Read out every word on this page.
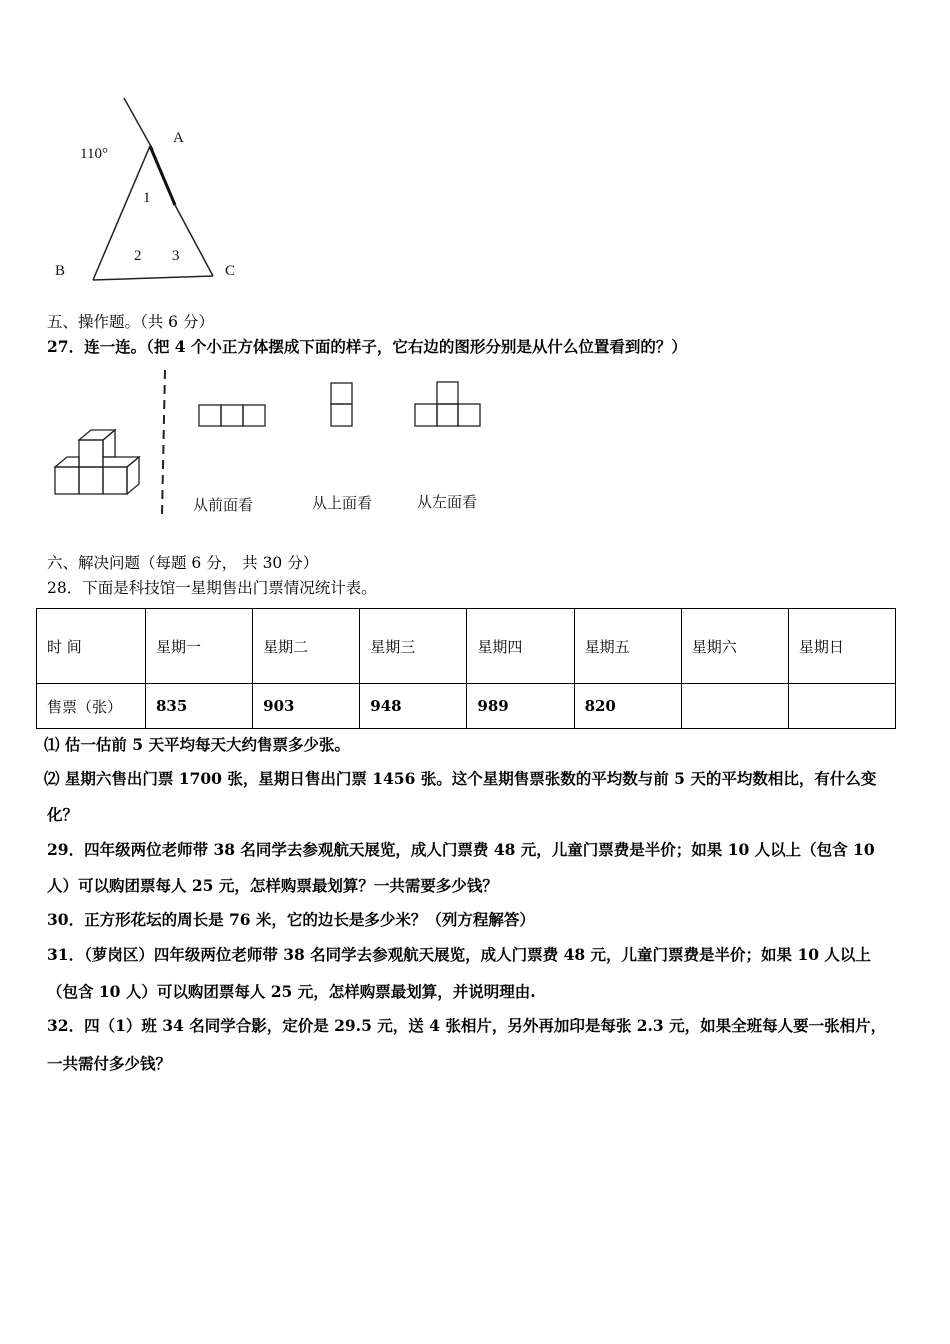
110°
A
B	C
1
2 3
五、操作题。（共 6 分）
27．连一连。（把 4 个小正方体摆成下面的样子，它右边的图形分别是从什么位置看到的？）
从前面看	从上面看	从左面看
六、解决问题（每题 6 分， 共 30 分）
28．下面是科技馆一星期售出门票情况统计表。
时 间	星期一	星期二	星期三	星期四	星期五	星期六	星期日
售票（张）	835	903	948	989	820		
⑴ 估一估前 5 天平均每天大约售票多少张。
⑵ 星期六售出门票 1700 张，星期日售出门票 1456 张。这个星期售票张数的平均数与前 5 天的平均数相比，有什么变
化？
29．四年级两位老师带 38 名同学去参观航天展览，成人门票费 48 元，儿童门票费是半价；如果 10 人以上（包含 10
人）可以购团票每人 25 元，怎样购票最划算？一共需要多少钱？
30．正方形花坛的周长是 76 米，它的边长是多少米？（列方程解答）
31．（萝岗区）四年级两位老师带 38 名同学去参观航天展览，成人门票费 48 元，儿童门票费是半价；如果 10 人以上
（包含 10 人）可以购团票每人 25 元，怎样购票最划算，并说明理由.
32．四（1）班 34 名同学合影，定价是 29.5 元，送 4 张相片，另外再加印是每张 2.3 元，如果全班每人要一张相片，
一共需付多少钱？
